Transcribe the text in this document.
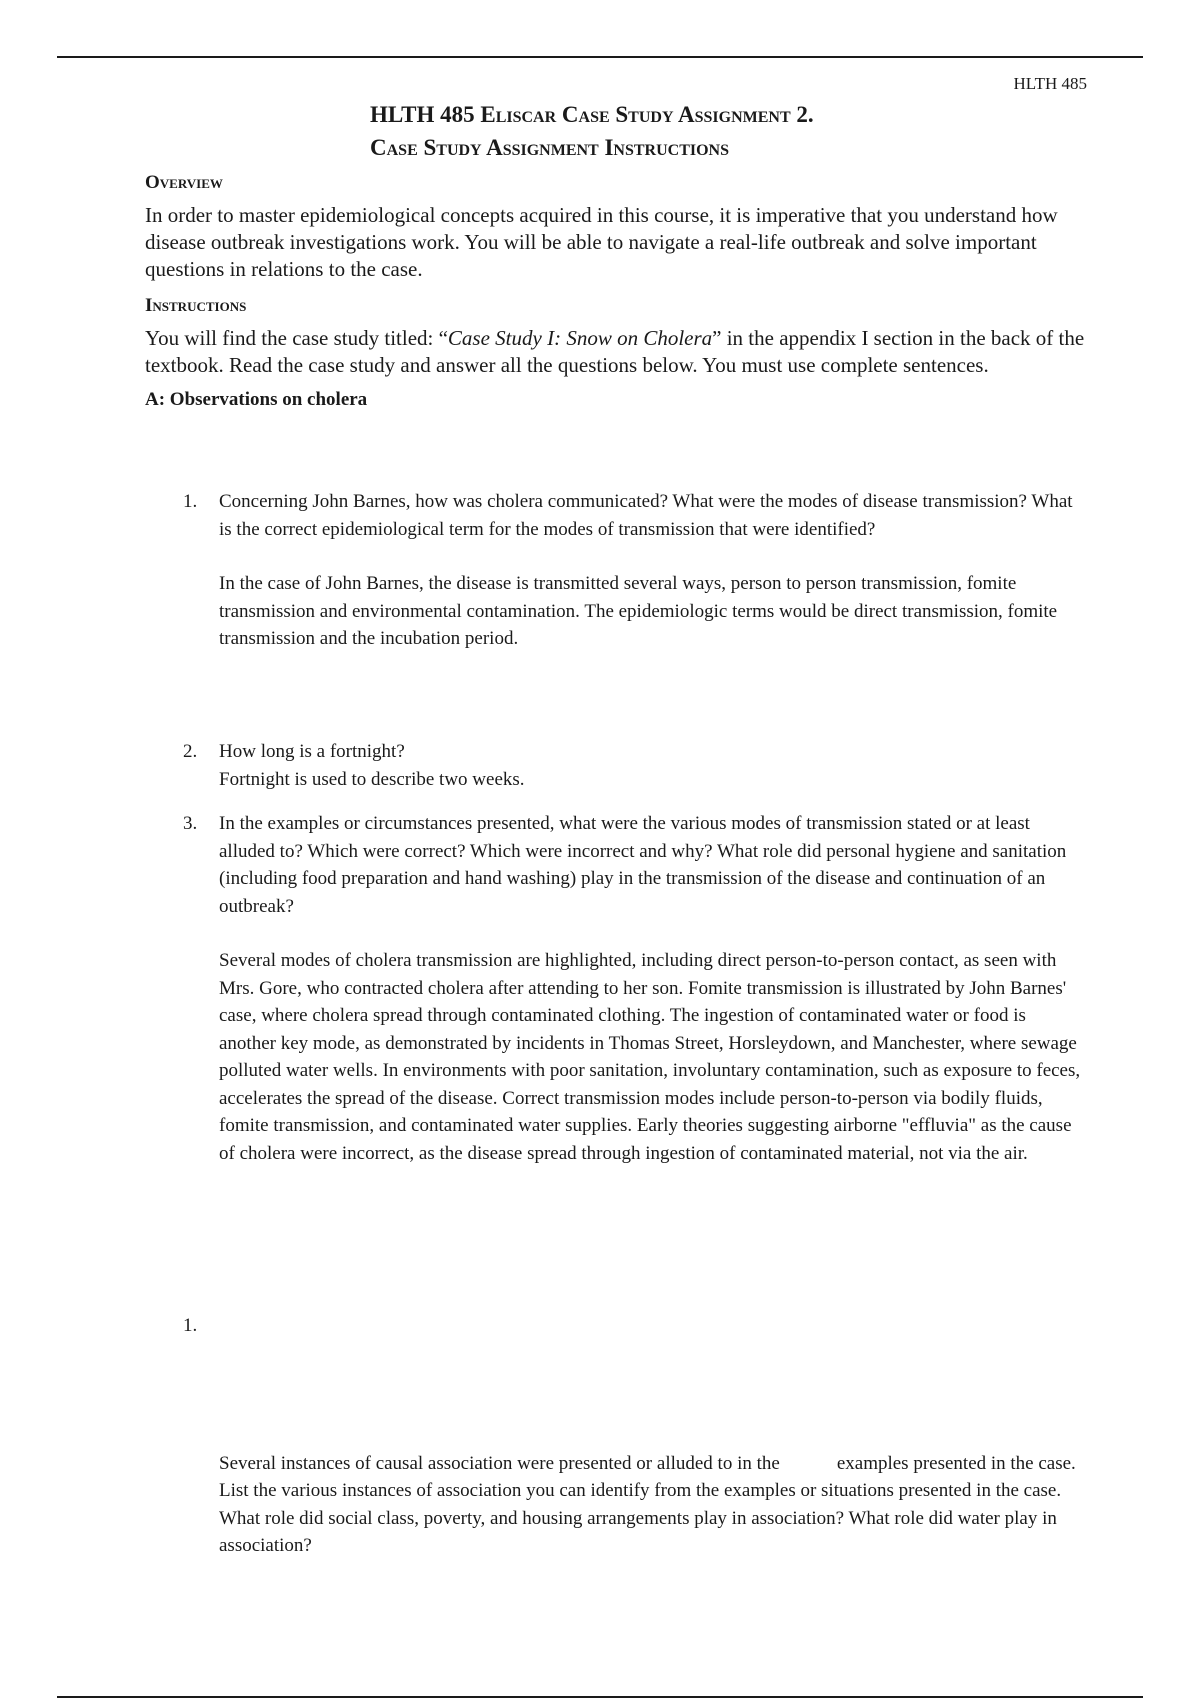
HLTH 485
HLTH 485 Eliscar Case Study Assignment 2.
Case Study Assignment Instructions
Overview

In order to master epidemiological concepts acquired in this course, it is imperative that you understand how disease outbreak investigations work. You will be able to navigate a real-life outbreak and solve important questions in relations to the case.

Instructions

You will find the case study titled: “Case Study I: Snow on Cholera” in the appendix I section in the back of the textbook. Read the case study and answer all the questions below. You must use complete sentences.

A: Observations on cholera
1.	Concerning John Barnes, how was cholera communicated? What were the modes of disease transmission? What is the correct epidemiological term for the modes of transmission that were identified?
In the case of John Barnes, the disease is transmitted several ways, person to person transmission, fomite transmission and environmental contamination. The epidemiologic terms would be direct transmission, fomite transmission and the incubation period.
2.	How long is a fortnight?
Fortnight is used to describe two weeks.
3.	In the examples or circumstances presented, what were the various modes of transmission stated or at least alluded to? Which were correct? Which were incorrect and why? What role did personal hygiene and sanitation (including food preparation and hand washing) play in the transmission of the disease and continuation of an outbreak?
Several modes of cholera transmission are highlighted, including direct person-to-person contact, as seen with Mrs. Gore, who contracted cholera after attending to her son. Fomite transmission is illustrated by John Barnes' case, where cholera spread through contaminated clothing. The ingestion of contaminated water or food is another key mode, as demonstrated by incidents in Thomas Street, Horsleydown, and Manchester, where sewage polluted water wells. In environments with poor sanitation, involuntary contamination, such as exposure to feces, accelerates the spread of the disease. Correct transmission modes include person-to-person via bodily fluids, fomite transmission, and contaminated water supplies. Early theories suggesting airborne "effluvia" as the cause of cholera were incorrect, as the disease spread through ingestion of contaminated material, not via the air.

1.

Several instances of causal association were presented or alluded to in the            examples presented in the case. List the various instances of association you can identify from the examples or situations presented in the case. What role did social class, poverty, and housing arrangements play in association? What role did water play in association?
